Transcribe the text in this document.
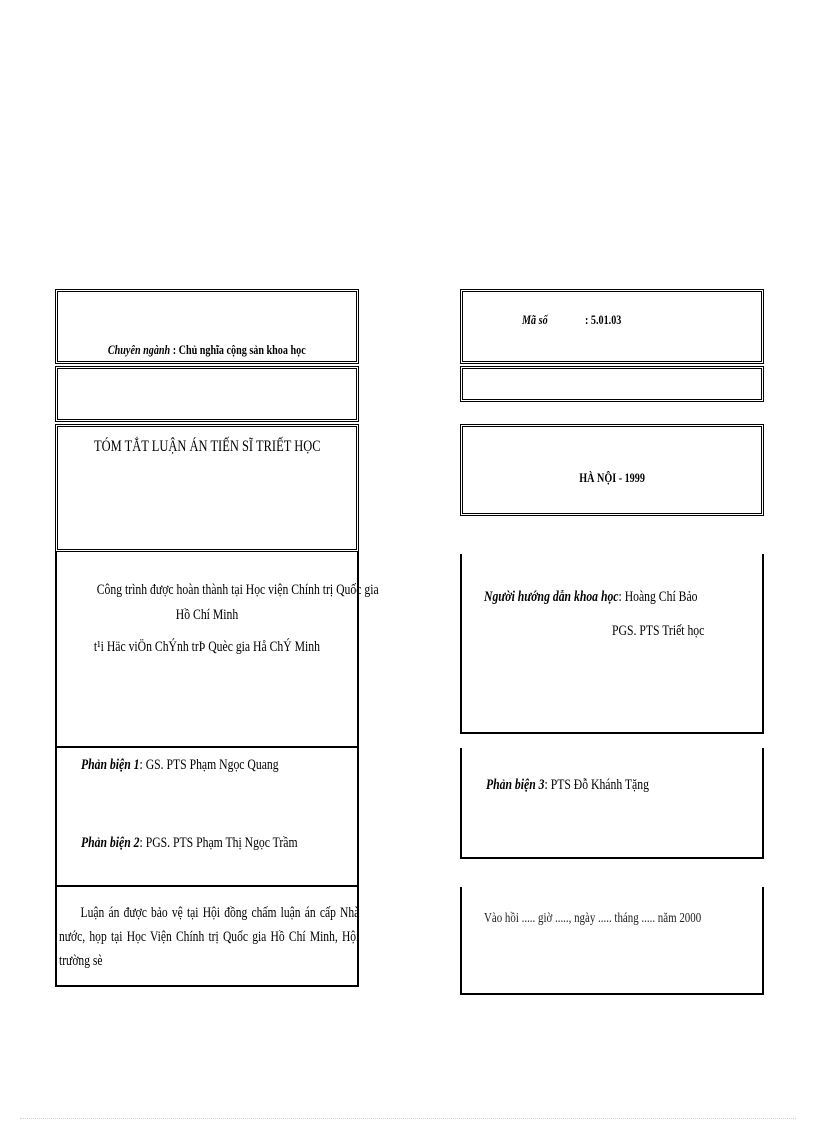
Chuyên ngành : Chủ nghĩa cộng sản khoa học
TÓM TẮT LUẬN ÁN TIẾN SĨ TRIẾT HỌC
Công trình được hoàn thành tại Học viện Chính trị Quốc gia
Hồ Chí Minh
t¹i Häc viÖn ChÝnh trÞ Quèc gia Hå ChÝ Minh
Phản biện 1: GS. PTS Phạm Ngọc Quang
Phản biện 2: PGS. PTS Phạm Thị Ngọc Trầm
Luận án được bảo vệ tại Hội đồng chấm luận án cấp Nhà nước, họp tại Học Viện Chính trị Quốc gia Hồ Chí Minh, Hội trường sè
Mã số	: 5.01.03
HÀ NỘI - 1999
Người hướng dẫn khoa học: Hoàng Chí Bảo
PGS. PTS Triết học
Phản biện 3: PTS Đỗ Khánh Tặng
Vào hồi ..... giờ ....., ngày ..... tháng ..... năm 2000
